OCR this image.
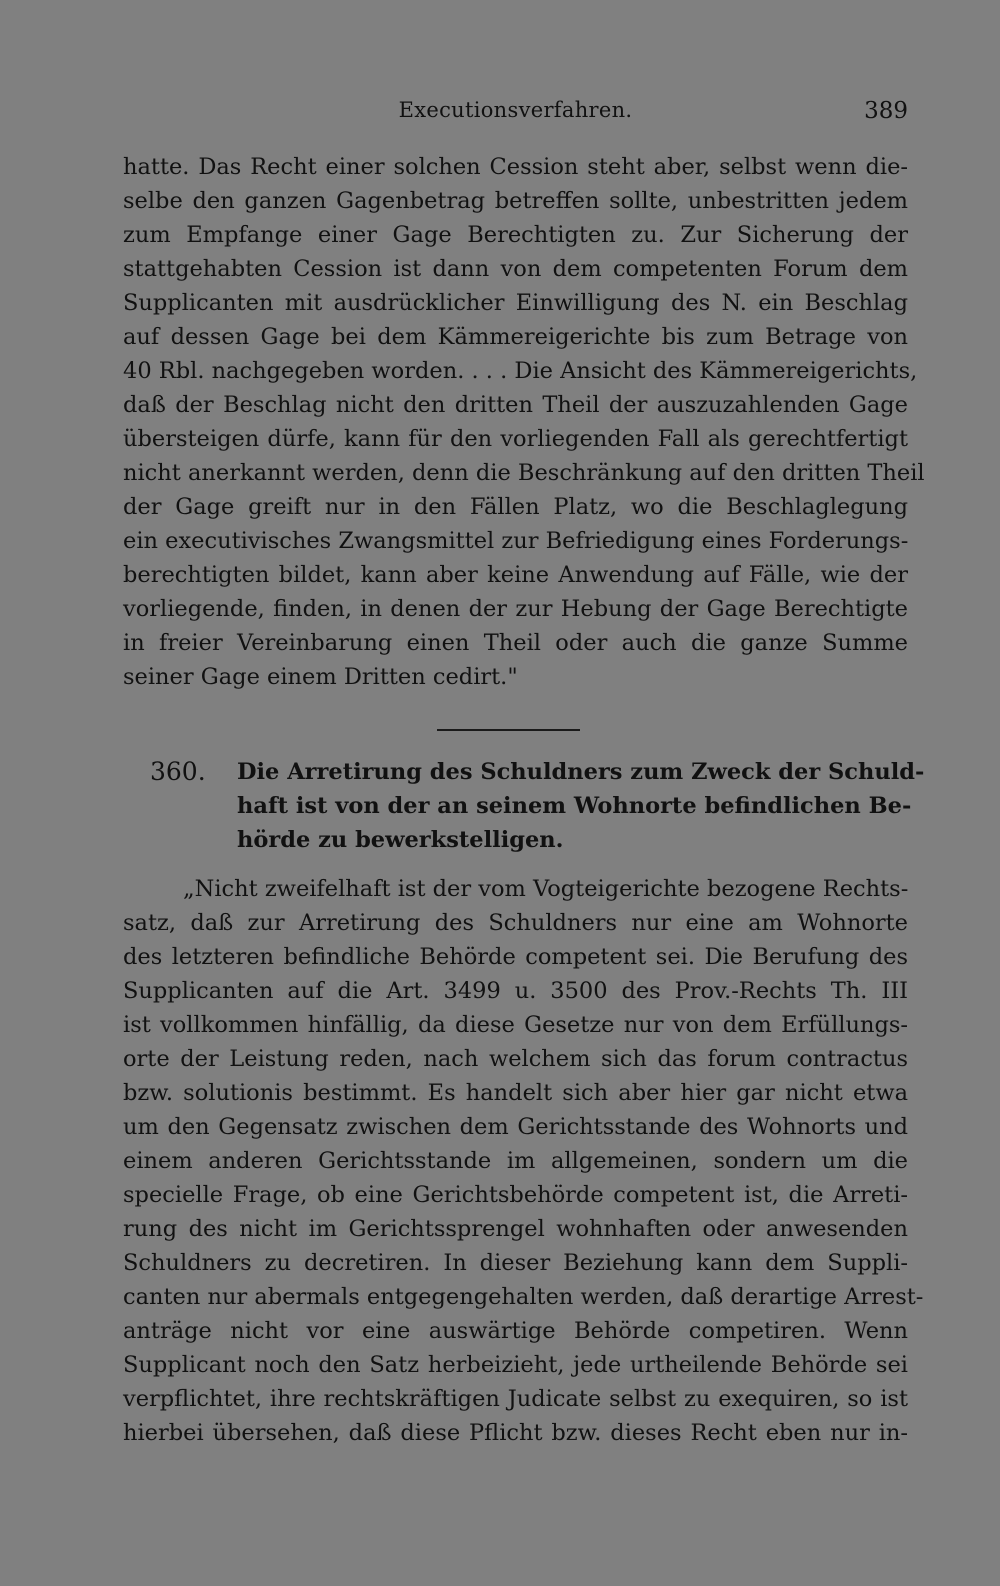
Executionsverfahren.	389
hatte. Das Recht einer solchen Cession steht aber, selbst wenn die-
selbe den ganzen Gagenbetrag betreffen sollte, unbestritten jedem
zum Empfange einer Gage Berechtigten zu. Zur Sicherung der
stattgehabten Cession ist dann von dem competenten Forum dem
Supplicanten mit ausdrücklicher Einwilligung des N. ein Beschlag
auf dessen Gage bei dem Kämmereigerichte bis zum Betrage von
40 Rbl. nachgegeben worden. . . . Die Ansicht des Kämmereigerichts,
daß der Beschlag nicht den dritten Theil der auszuzahlenden Gage
übersteigen dürfe, kann für den vorliegenden Fall als gerechtfertigt
nicht anerkannt werden, denn die Beschränkung auf den dritten Theil
der Gage greift nur in den Fällen Platz, wo die Beschlaglegung
ein executivisches Zwangsmittel zur Befriedigung eines Forderungs-
berechtigten bildet, kann aber keine Anwendung auf Fälle, wie der
vorliegende, finden, in denen der zur Hebung der Gage Berechtigte
in freier Vereinbarung einen Theil oder auch die ganze Summe
seiner Gage einem Dritten cedirt."
360. Die Arretirung des Schuldners zum Zweck der Schuld-
haft ist von der an seinem Wohnorte befindlichen Be-
hörde zu bewerkstelligen.
„Nicht zweifelhaft ist der vom Vogteigerichte bezogene Rechts-
satz, daß zur Arretirung des Schuldners nur eine am Wohnorte
des letzteren befindliche Behörde competent sei. Die Berufung des
Supplicanten auf die Art. 3499 u. 3500 des Prov.-Rechts Th. III
ist vollkommen hinfällig, da diese Gesetze nur von dem Erfüllungs-
orte der Leistung reden, nach welchem sich das forum contractus
bzw. solutionis bestimmt. Es handelt sich aber hier gar nicht etwa
um den Gegensatz zwischen dem Gerichtsstande des Wohnorts und
einem anderen Gerichtsstande im allgemeinen, sondern um die
specielle Frage, ob eine Gerichtsbehörde competent ist, die Arreti-
rung des nicht im Gerichtssprengel wohnhaften oder anwesenden
Schuldners zu decretiren. In dieser Beziehung kann dem Suppli-
canten nur abermals entgegengehalten werden, daß derartige Arrest-
anträge nicht vor eine auswärtige Behörde competiren. Wenn
Supplicant noch den Satz herbeizieht, jede urtheilende Behörde sei
verpflichtet, ihre rechtskräftigen Judicate selbst zu exequiren, so ist
hierbei übersehen, daß diese Pflicht bzw. dieses Recht eben nur in-
